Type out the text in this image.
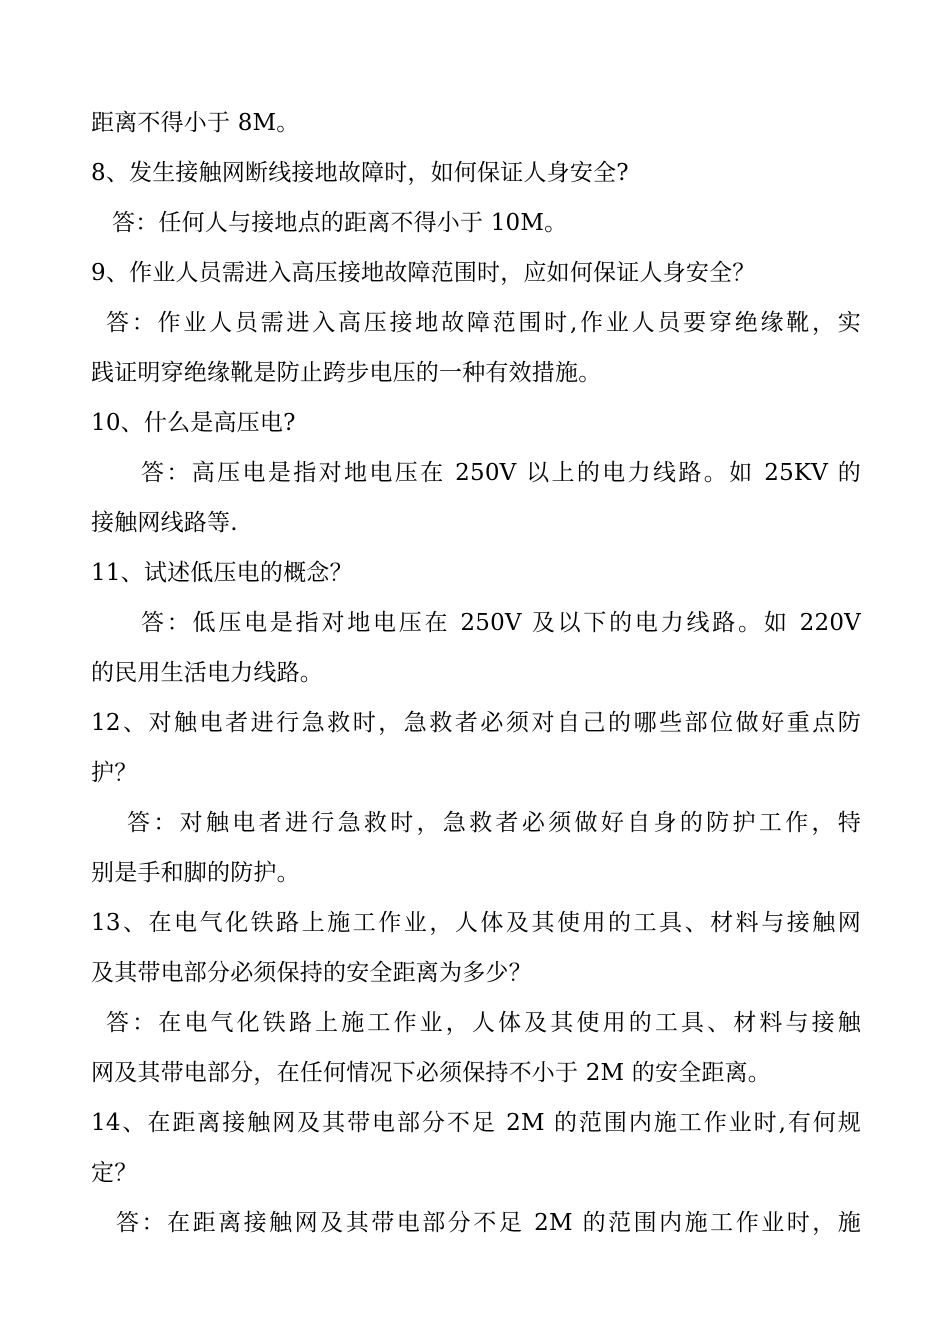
距离不得小于 8M。
8、发生接触网断线接地故障时，如何保证人身安全?
答：任何人与接地点的距离不得小于 10M。
9、作业人员需进入高压接地故障范围时，应如何保证人身安全？
答：作业人员需进入高压接地故障范围时,作业人员要穿绝缘靴，实
践证明穿绝缘靴是防止跨步电压的一种有效措施。
10、什么是高压电?
答：高压电是指对地电压在 250V 以上的电力线路。如 25KV 的
接触网线路等.
11、试述低压电的概念？
答：低压电是指对地电压在 250V 及以下的电力线路。如 220V
的民用生活电力线路。
12、对触电者进行急救时，急救者必须对自己的哪些部位做好重点防
护？
答：对触电者进行急救时，急救者必须做好自身的防护工作，特
别是手和脚的防护。
13、在电气化铁路上施工作业，人体及其使用的工具、材料与接触网
及其带电部分必须保持的安全距离为多少？
答：在电气化铁路上施工作业，人体及其使用的工具、材料与接触
网及其带电部分，在任何情况下必须保持不小于 2M 的安全距离。
14、在距离接触网及其带电部分不足 2M 的范围内施工作业时,有何规
定？
答：在距离接触网及其带电部分不足 2M 的范围内施工作业时，施
